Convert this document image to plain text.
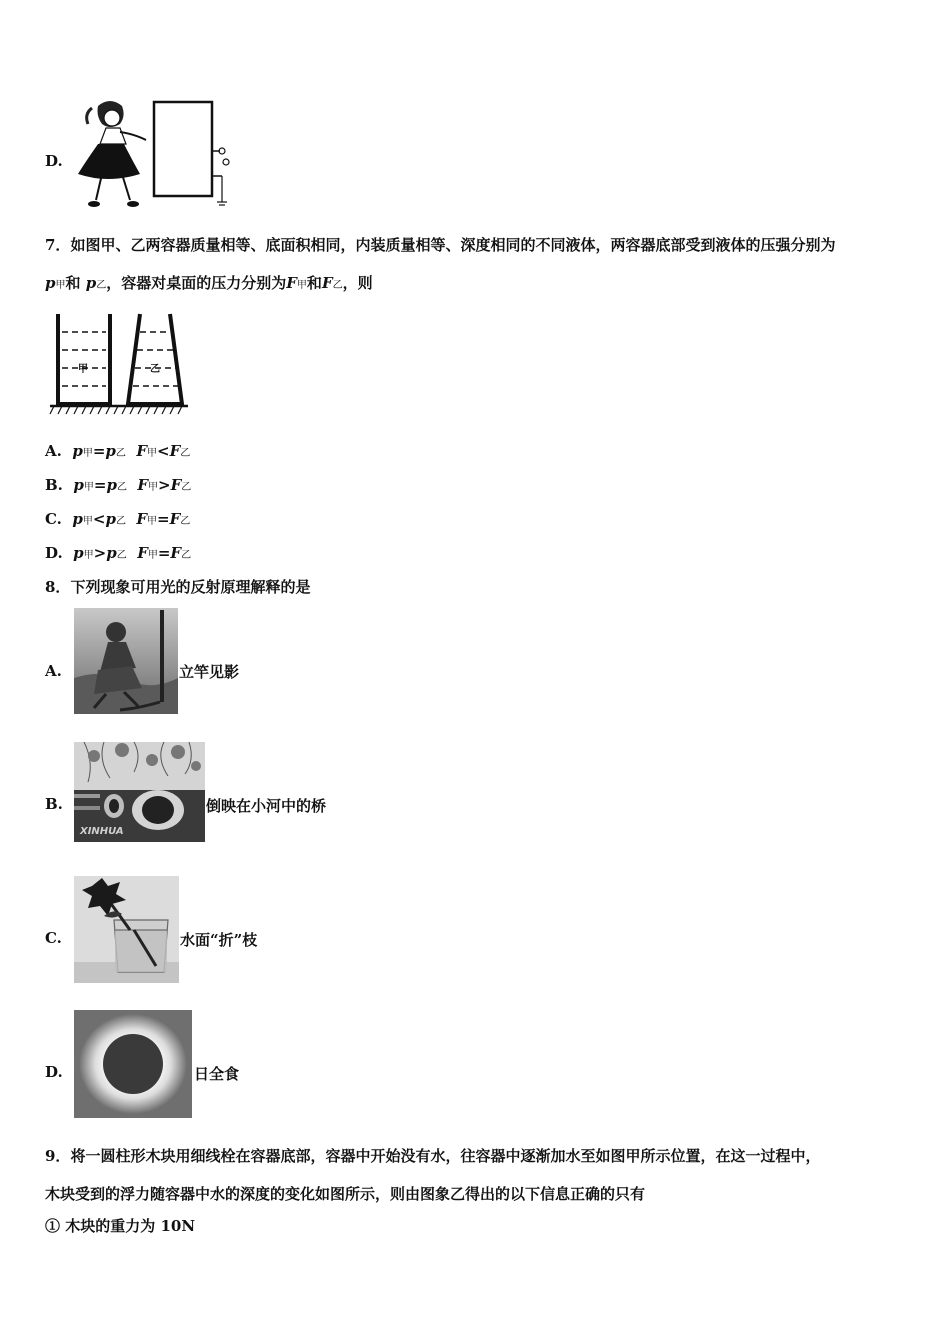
D.
7．如图甲、乙两容器质量相等、底面积相同，内装质量相等、深度相同的不同液体，两容器底部受到液体的压强分别为
p甲和 p乙，容器对桌面的压力分别为F甲和F乙，则
甲	乙
A. p甲=p乙 F甲<F乙
B. p甲=p乙 F甲>F乙
C. p甲<p乙 F甲=F乙
D. p甲>p乙 F甲=F乙
8．下列现象可用光的反射原理解释的是
A.	立竿见影
B.
XINHUA
倒映在小河中的桥
C.	水面“折”枝
D.	日全食
9．将一圆柱形木块用细线栓在容器底部，容器中开始没有水，往容器中逐渐加水至如图甲所示位置，在这一过程中，
木块受到的浮力随容器中水的深度的变化如图所示，则由图象乙得出的以下信息正确的只有
① 木块的重力为 10N
